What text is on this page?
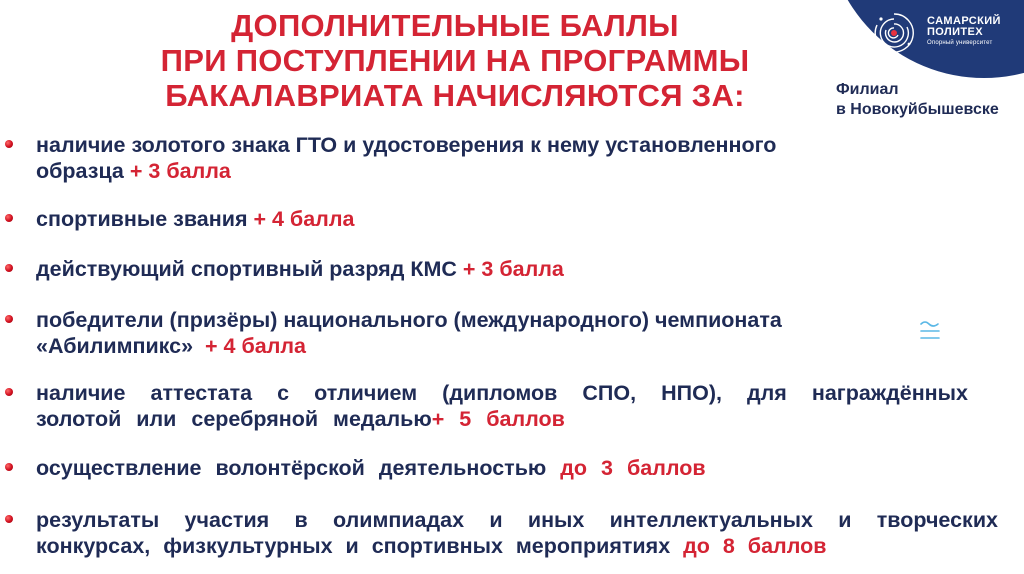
ДОПОЛНИТЕЛЬНЫЕ БАЛЛЫ
ПРИ ПОСТУПЛЕНИИ НА ПРОГРАММЫ
БАКАЛАВРИАТА НАЧИСЛЯЮТСЯ ЗА:
САМАРСКИЙ
ПОЛИТЕХ
Опорный университет
Филиал
в Новокуйбышевске
наличие золотого знака ГТО и удостоверения к нему установленного
образца + 3 балла
спортивные звания + 4 балла
действующий спортивный разряд КМС + 3 балла
победители (призёры) национального (международного) чемпионата
«Абилимпикс»  + 4 балла
наличие аттестата с отличием (дипломов СПО, НПО), для награждённых
золотой или серебряной медалью+ 5 баллов
осуществление волонтёрской деятельностью до 3 баллов
результаты участия в олимпиадах и иных интеллектуальных и творческих
конкурсах, физкультурных и спортивных мероприятиях до 8 баллов
